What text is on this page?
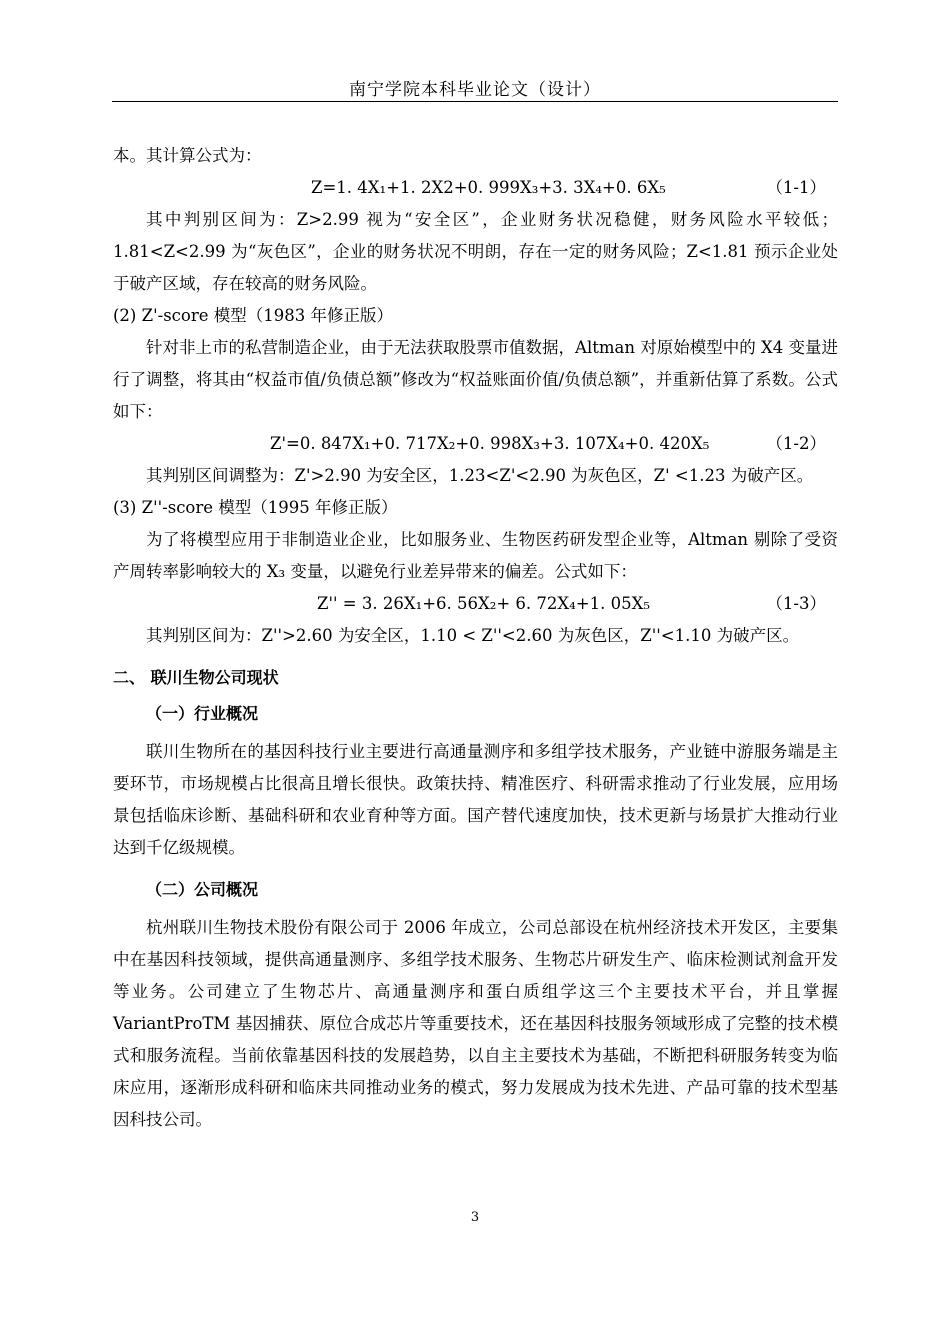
南宁学院本科毕业论文（设计）

本。其计算公式为：

Z=1. 4X₁+1. 2X2+0. 999X₃+3. 3X₄+0. 6X₅	（1-1）

其中判别区间为：Z>2.99 视为“安全区”，企业财务状况稳健，财务风险水平较低；1.81<Z<2.99 为“灰色区”，企业的财务状况不明朗，存在一定的财务风险；Z<1.81 预示企业处于破产区域，存在较高的财务风险。

(2) Z'-score 模型（1983 年修正版）

针对非上市的私营制造企业，由于无法获取股票市值数据，Altman 对原始模型中的 X4 变量进行了调整，将其由“权益市值/负债总额”修改为“权益账面价值/负债总额”，并重新估算了系数。公式如下：

Z'=0. 847X₁+0. 717X₂+0. 998X₃+3. 107X₄+0. 420X₅	（1-2）

其判别区间调整为：Z'>2.90 为安全区，1.23<Z'<2.90 为灰色区，Z' <1.23 为破产区。

(3) Z''-score 模型（1995 年修正版）

为了将模型应用于非制造业企业，比如服务业、生物医药研发型企业等，Altman 剔除了受资产周转率影响较大的 X₃ 变量，以避免行业差异带来的偏差。公式如下：

Z'' = 3. 26X₁+6. 56X₂+ 6. 72X₄+1. 05X₅	（1-3）

其判别区间为：Z''>2.60 为安全区，1.10 < Z''<2.60 为灰色区，Z''<1.10 为破产区。

二、 联川生物公司现状

（一）行业概况

联川生物所在的基因科技行业主要进行高通量测序和多组学技术服务，产业链中游服务端是主要环节，市场规模占比很高且增长很快。政策扶持、精准医疗、科研需求推动了行业发展，应用场景包括临床诊断、基础科研和农业育种等方面。国产替代速度加快，技术更新与场景扩大推动行业达到千亿级规模。

（二）公司概况

杭州联川生物技术股份有限公司于 2006 年成立，公司总部设在杭州经济技术开发区，主要集中在基因科技领域，提供高通量测序、多组学技术服务、生物芯片研发生产、临床检测试剂盒开发等业务。公司建立了生物芯片、高通量测序和蛋白质组学这三个主要技术平台，并且掌握 VariantProTM 基因捕获、原位合成芯片等重要技术，还在基因科技服务领域形成了完整的技术模式和服务流程。当前依靠基因科技的发展趋势，以自主主要技术为基础，不断把科研服务转变为临床应用，逐渐形成科研和临床共同推动业务的模式，努力发展成为技术先进、产品可靠的技术型基因科技公司。

3
